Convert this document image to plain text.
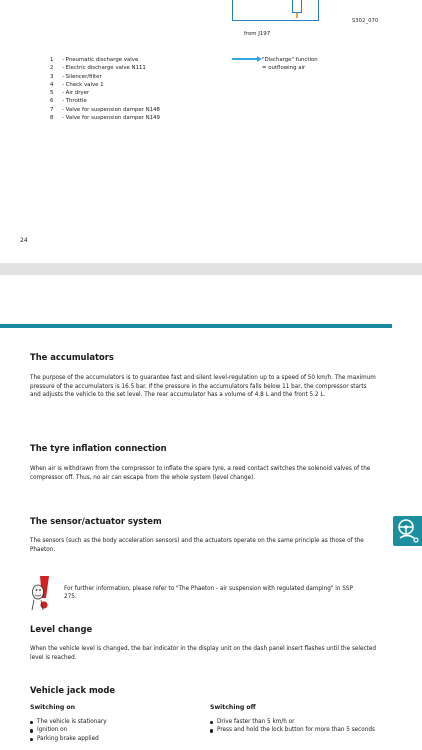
S302_070
from J197
1 - Pneumatic discharge valve
2 - Electric discharge valve N111
3 - Silencer/filter
4 - Check valve 1
5 - Air dryer
6 - Throttle
7 - Valve for suspension damper N148
8 - Valve for suspension damper N149
"Discharge" function
= outflowing air
24
The accumulators

The purpose of the accumulators is to guarantee fast and silent level-regulation up to a speed of 50 km/h. The maximum pressure of the accumulators is 16.5 bar. If the pressure in the accumulators falls below 11 bar, the compressor starts and adjusts the vehicle to the set level. The rear accumulator has a volume of 4.8 L and the front 5.2 L.

The tyre inflation connection

When air is withdrawn from the compressor to inflate the spare tyre, a reed contact switches the solenoid valves of the compressor off. Thus, no air can escape from the whole system (level change).

The sensor/actuator system

The sensors (such as the body acceleration sensors) and the actuators operate on the same principle as those of the Phaeton.

For further information, please refer to "The Phaeton - air suspension with regulated damping" in SSP 275.
Level change

When the vehicle level is changed, the bar indicator in the display unit on the dash panel insert flashes until the selected level is reached.

Vehicle jack mode
Switching on
The vehicle is stationary
Ignition on
Parking brake applied
Switching off
Drive faster than 5 km/h or
Press and hold the lock button for more than 5 seconds
